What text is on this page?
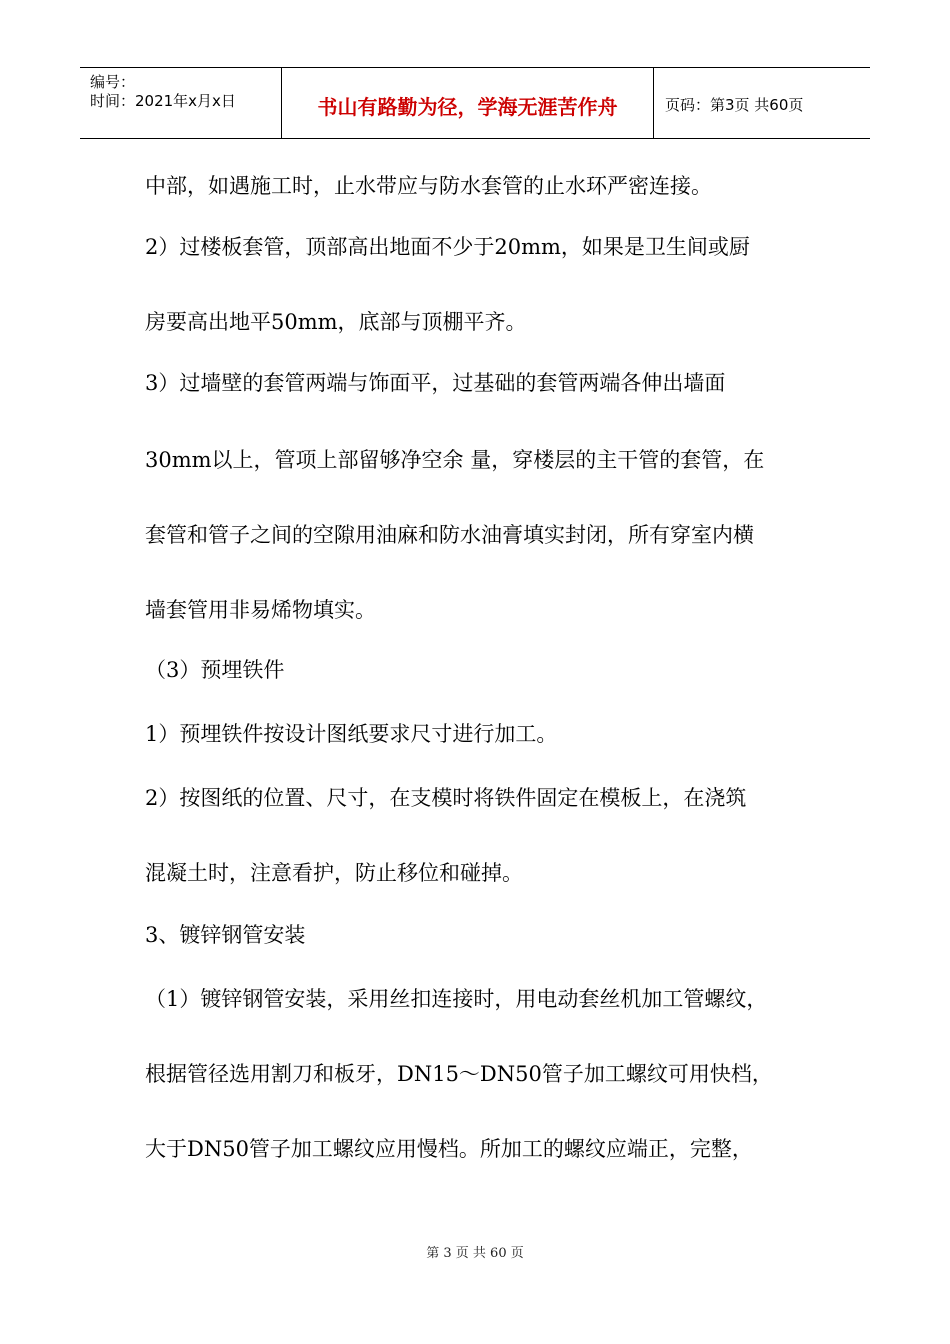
编号：
时间：2021年x月x日	书山有路勤为径，学海无涯苦作舟	页码：第3页 共60页
中部，如遇施工时，止水带应与防水套管的止水环严密连接。
2）过楼板套管，顶部高出地面不少于20mm，如果是卫生间或厨
房要高出地平50mm，底部与顶棚平齐。
3）过墙壁的套管两端与饰面平，过基础的套管两端各伸出墙面
30mm以上，管项上部留够净空余 量，穿楼层的主干管的套管，在
套管和管子之间的空隙用油麻和防水油膏填实封闭，所有穿室内横
墙套管用非易烯物填实。
（3）预埋铁件
1）预埋铁件按设计图纸要求尺寸进行加工。
2）按图纸的位置、尺寸，在支模时将铁件固定在模板上，在浇筑
混凝土时，注意看护，防止移位和碰掉。
3、镀锌钢管安装
（1）镀锌钢管安装，采用丝扣连接时，用电动套丝机加工管螺纹，
根据管径选用割刀和板牙，DN15～DN50管子加工螺纹可用快档，
大于DN50管子加工螺纹应用慢档。所加工的螺纹应端正，完整，
第 3 页 共 60 页
